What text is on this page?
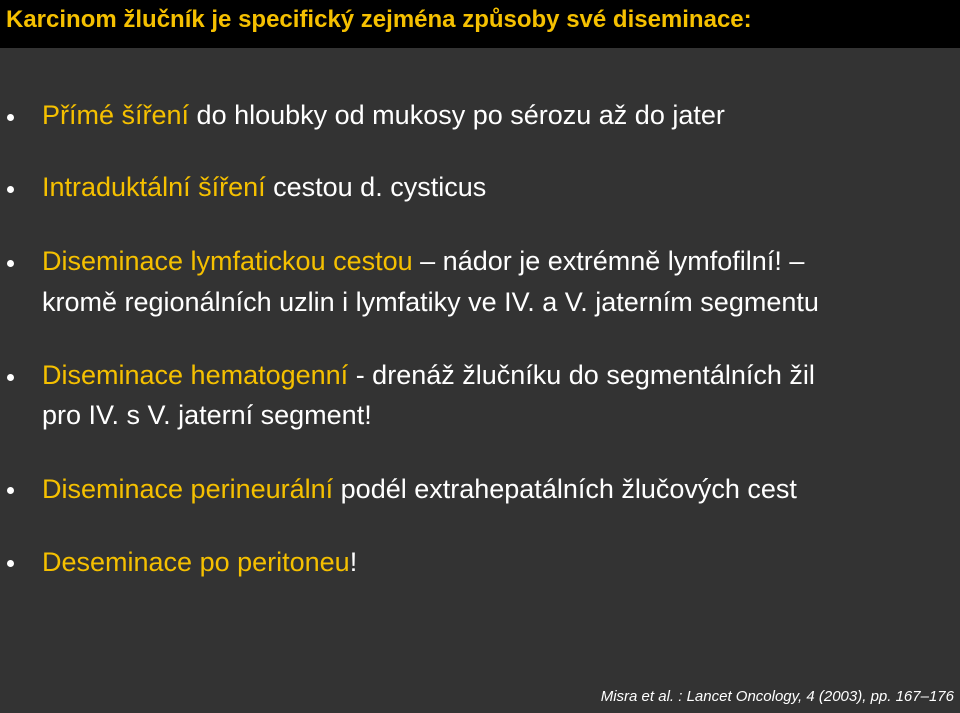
Karcinom žlučník je specifický zejména způsoby své diseminace:
Přímé šíření do hloubky od mukosy po sérozu až do jater
Intraduktální šíření cestou d. cysticus
Diseminace lymfatickou cestou – nádor je extrémně lymfofilní! –
kromě regionálních uzlin i lymfatiky ve IV. a V. jaterním segmentu
Diseminace hematogenní - drenáž žlučníku do segmentálních žil
pro IV. s V. jaterní segment!
Diseminace perineurální podél extrahepatálních žlučových cest
Deseminace po peritoneu!
Misra et al. : Lancet Oncology, 4 (2003), pp. 167–176
